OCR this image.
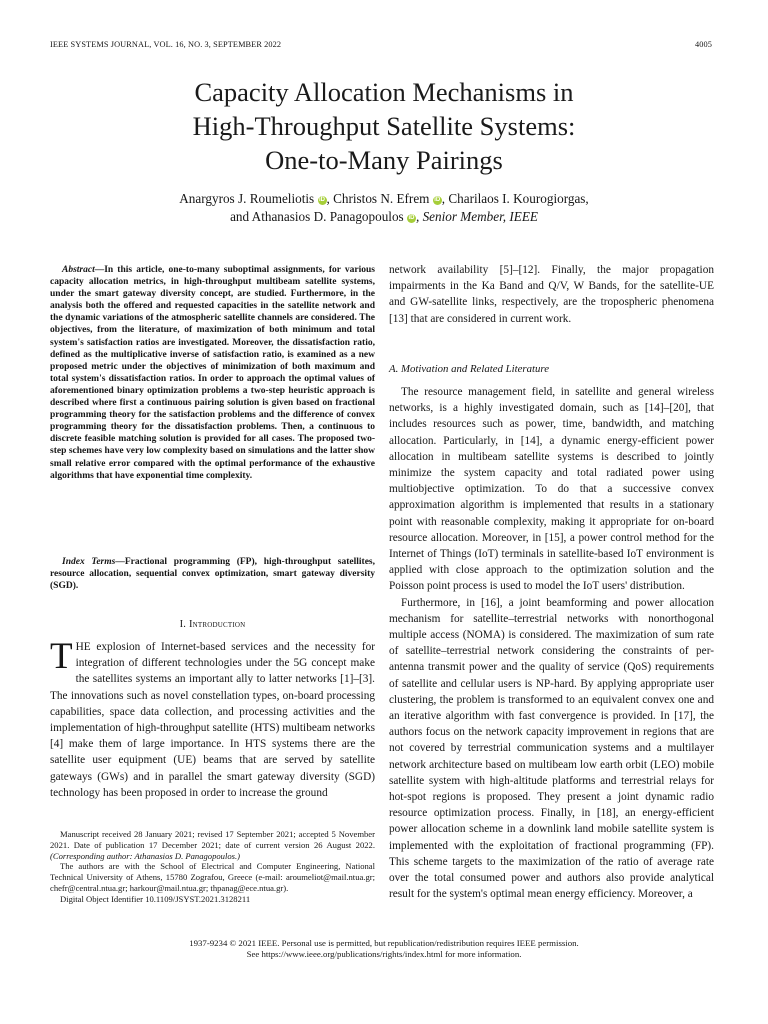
IEEE SYSTEMS JOURNAL, VOL. 16, NO. 3, SEPTEMBER 2022	4005
Capacity Allocation Mechanisms in
High-Throughput Satellite Systems:
One-to-Many Pairings
Anargyros J. Roumeliotis iD , Christos N. Efrem iD , Charilaos I. Kourogiorgas,
and Athanasios D. Panagopoulos iD , Senior Member, IEEE
Abstract—In this article, one-to-many suboptimal assignments, for various capacity allocation metrics, in high-throughput multibeam satellite systems, under the smart gateway diversity concept, are studied. Furthermore, in the analysis both the offered and requested capacities in the satellite network and the dynamic variations of the atmospheric satellite channels are considered. The objectives, from the literature, of maximization of both minimum and total system's satisfaction ratios are investigated. Moreover, the dissatisfaction ratio, defined as the multiplicative inverse of satisfaction ratio, is examined as a new proposed metric under the objectives of minimization of both maximum and total system's dissatisfaction ratios. In order to approach the optimal values of aforementioned binary optimization problems a two-step heuristic approach is described where first a continuous pairing solution is given based on fractional programming theory for the satisfaction problems and the difference of convex programming theory for the dissatisfaction problems. Then, a continuous to discrete feasible matching solution is provided for all cases. The proposed two-step schemes have very low complexity based on simulations and the latter show small relative error compared with the optimal performance of the exhaustive algorithms that have exponential time complexity.
Index Terms—Fractional programming (FP), high-throughput satellites, resource allocation, sequential convex optimization, smart gateway diversity (SGD).
I. Introduction
THE explosion of Internet-based services and the necessity for integration of different technologies under the 5G concept make the satellites systems an important ally to latter networks [1]–[3]. The innovations such as novel constellation types, on-board processing capabilities, space data collection, and processing activities and the implementation of high-throughput satellite (HTS) multibeam networks [4] make them of large importance. In HTS systems there are the satellite user equipment (UE) beams that are served by satellite gateways (GWs) and in parallel the smart gateway diversity (SGD) technology has been proposed in order to increase the ground

Manuscript received 28 January 2021; revised 17 September 2021; accepted 5 November 2021. Date of publication 17 December 2021; date of current version 26 August 2022. (Corresponding author: Athanasios D. Panagopoulos.)

The authors are with the School of Electrical and Computer Engineering, National Technical University of Athens, 15780 Zografou, Greece (e-mail: aroumeliot@mail.ntua.gr; chefr@central.ntua.gr; harkour@mail.ntua.gr; thpanag@ece.ntua.gr).

Digital Object Identifier 10.1109/JSYST.2021.3128211

network availability [5]–[12]. Finally, the major propagation impairments in the Ka Band and Q/V, W Bands, for the satellite-UE and GW-satellite links, respectively, are the tropospheric phenomena [13] that are considered in current work.
A. Motivation and Related Literature

The resource management field, in satellite and general wireless networks, is a highly investigated domain, such as [14]–[20], that includes resources such as power, time, bandwidth, and matching allocation. Particularly, in [14], a dynamic energy-efficient power allocation in multibeam satellite systems is described to jointly minimize the system capacity and total radiated power using multiobjective optimization. To do that a successive convex approximation algorithm is implemented that results in a stationary point with reasonable complexity, making it appropriate for on-board resource allocation. Moreover, in [15], a power control method for the Internet of Things (IoT) terminals in satellite-based IoT environment is applied with close approach to the optimization solution and the Poisson point process is used to model the IoT users' distribution.

Furthermore, in [16], a joint beamforming and power allocation mechanism for satellite–terrestrial networks with nonorthogonal multiple access (NOMA) is considered. The maximization of sum rate of satellite–terrestrial network considering the constraints of per-antenna transmit power and the quality of service (QoS) requirements of satellite and cellular users is NP-hard. By applying appropriate user clustering, the problem is transformed to an equivalent convex one and an iterative algorithm with fast convergence is provided. In [17], the authors focus on the network capacity improvement in regions that are not covered by terrestrial communication systems and a multilayer network architecture based on multibeam low earth orbit (LEO) mobile satellite system with high-altitude platforms and terrestrial relays for hot-spot regions is proposed. They present a joint dynamic radio resource optimization process. Finally, in [18], an energy-efficient power allocation scheme in a downlink land mobile satellite system is implemented with the exploitation of fractional programming (FP). This scheme targets to the maximization of the ratio of average rate over the total consumed power and authors also provide analytical result for the system's optimal mean energy efficiency. Moreover, a

1937-9234 © 2021 IEEE. Personal use is permitted, but republication/redistribution requires IEEE permission.
See https://www.ieee.org/publications/rights/index.html for more information.
